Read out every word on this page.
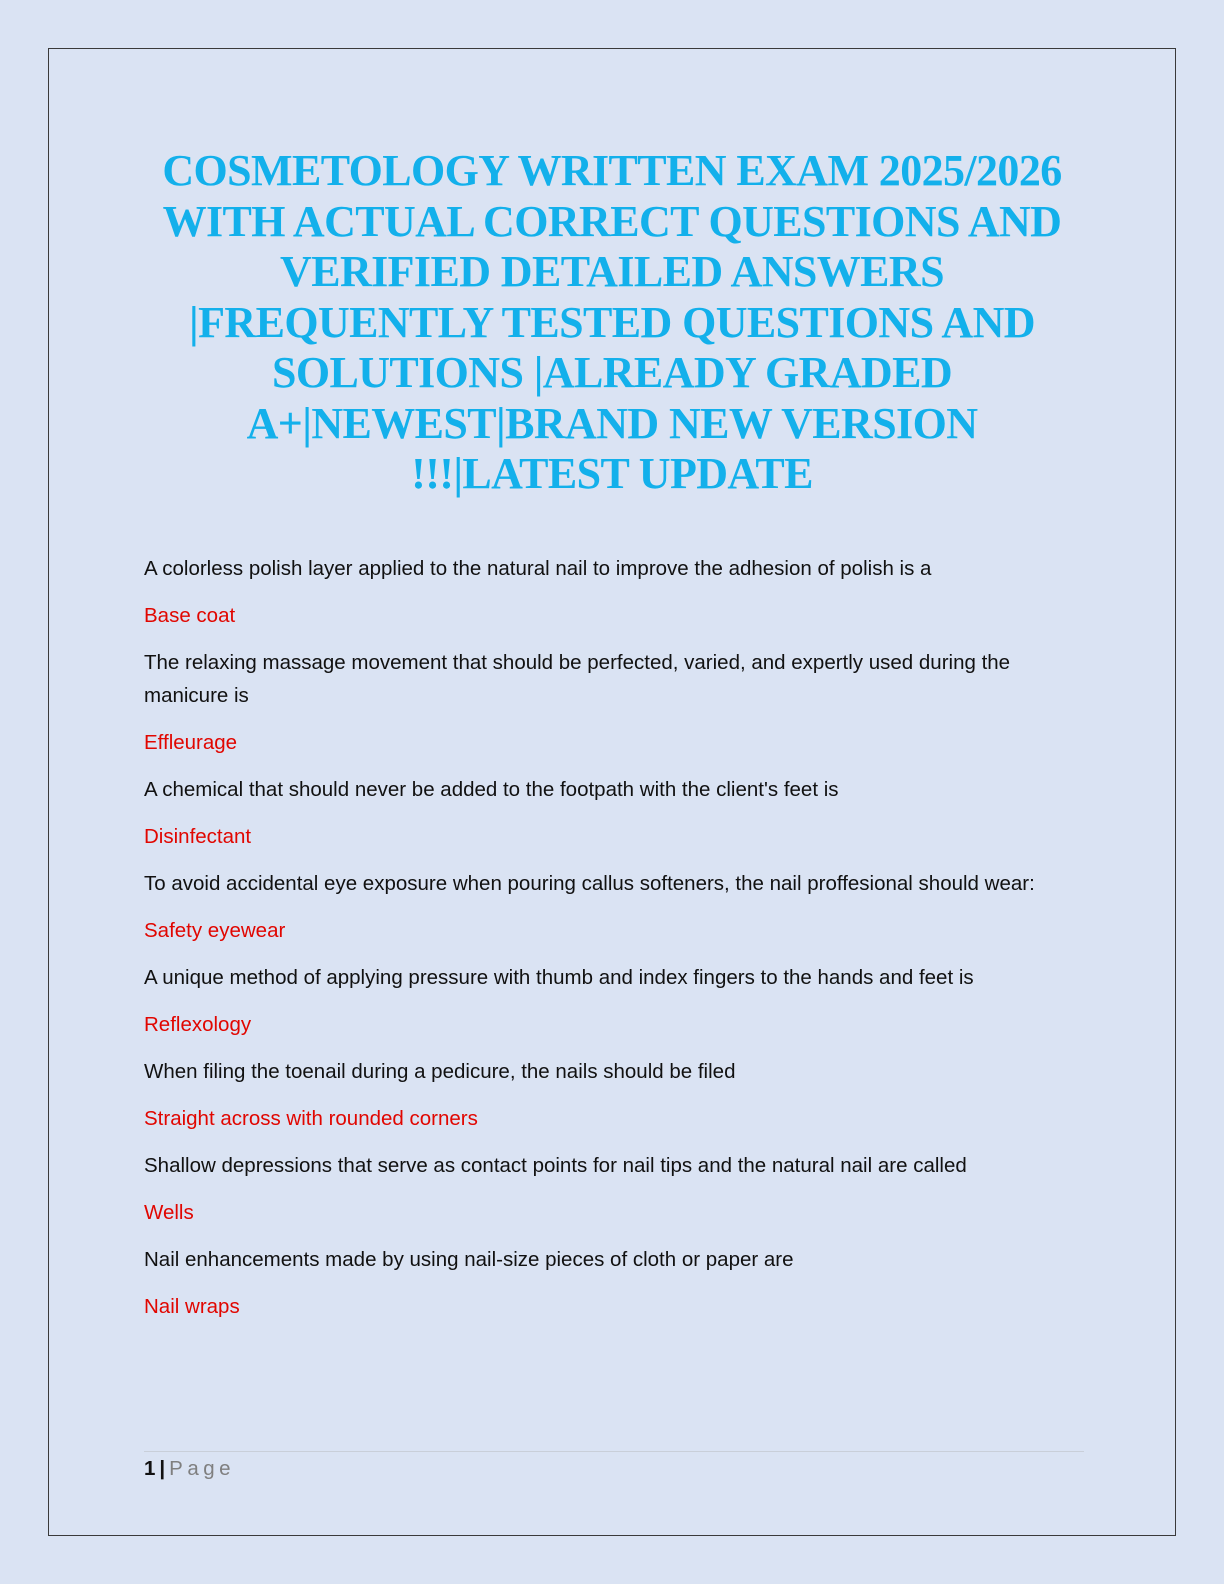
COSMETOLOGY WRITTEN EXAM 2025/2026
WITH ACTUAL CORRECT QUESTIONS AND
VERIFIED DETAILED ANSWERS
|FREQUENTLY TESTED QUESTIONS AND
SOLUTIONS |ALREADY GRADED
A+|NEWEST|BRAND NEW VERSION
!!!|LATEST UPDATE

A colorless polish layer applied to the natural nail to improve the adhesion of polish is a

Base coat

The relaxing massage movement that should be perfected, varied, and expertly used during the manicure is

Effleurage

A chemical that should never be added to the footpath with the client's feet is

Disinfectant

To avoid accidental eye exposure when pouring callus softeners, the nail proffesional should wear:

Safety eyewear

A unique method of applying pressure with thumb and index fingers to the hands and feet is

Reflexology

When filing the toenail during a pedicure, the nails should be filed

Straight across with rounded corners

Shallow depressions that serve as contact points for nail tips and the natural nail are called

Wells

Nail enhancements made by using nail-size pieces of cloth or paper are

Nail wraps

1 | Page
